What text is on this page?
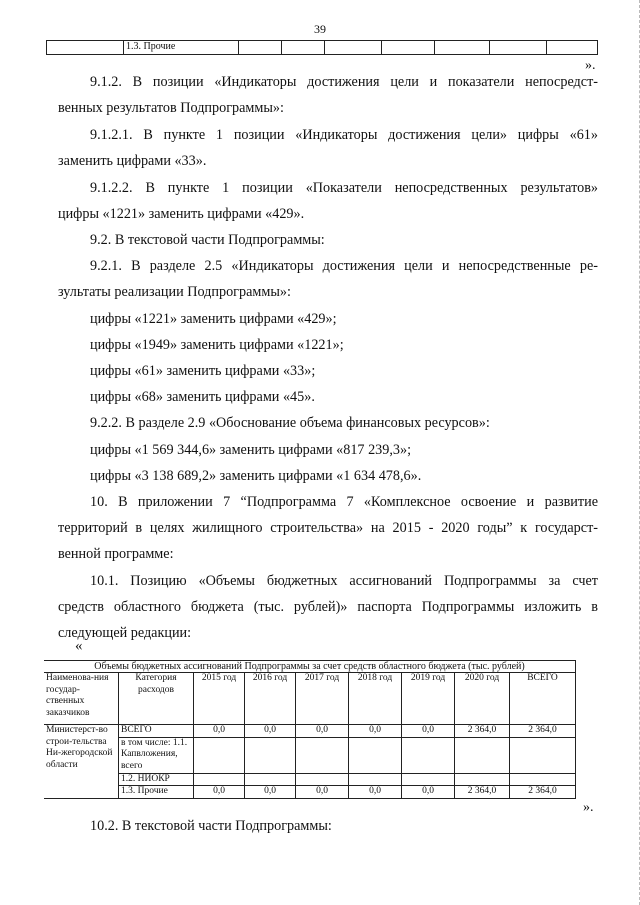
39
	1.3. Прочие							
».

9.1.2. В позиции «Индикаторы достижения цели и показатели непосредст-

венных результатов Подпрограммы»:

9.1.2.1. В пункте 1 позиции «Индикаторы достижения цели» цифры «61»

заменить цифрами «33».

9.1.2.2. В пункте 1 позиции «Показатели непосредственных результатов»

цифры «1221» заменить цифрами «429».

9.2. В текстовой части Подпрограммы:

9.2.1. В разделе 2.5 «Индикаторы достижения цели и непосредственные ре-

зультаты реализации Подпрограммы»:

цифры «1221» заменить цифрами «429»;

цифры «1949» заменить цифрами «1221»;

цифры «61» заменить цифрами «33»;

цифры «68» заменить цифрами «45».

9.2.2. В разделе 2.9 «Обоснование объема финансовых ресурсов»:

цифры «1 569 344,6» заменить цифрами «817 239,3»;

цифры «3 138 689,2» заменить цифрами «1 634 478,6».

10. В приложении 7 “Подпрограмма 7 «Комплексное освоение и развитие

территорий в целях жилищного строительства» на 2015 - 2020 годы” к государст-

венной программе:

10.1. Позицию «Объемы бюджетных ассигнований Подпрограммы за счет

средств областного бюджета (тыс. рублей)» паспорта Подпрограммы изложить в

следующей редакции:

«
Объемы бюджетных ассигнований Подпрограммы за счет средств областного бюджета (тыс. рублей)								
Наименова-ния государ-ственных заказчиков	Категория расходов	2015 год	2016 год	2017 год	2018 год	2019 год	2020 год	ВСЕГО
Министерст-во строи-тельства Ни-жегородской области	ВСЕГО	0,0	0,0	0,0	0,0	0,0	2 364,0	2 364,0
	в том числе: 1.1. Капвложения, всего							
	1.2. НИОКР							
	1.3. Прочие	0,0	0,0	0,0	0,0	0,0	2 364,0	2 364,0
».

10.2. В текстовой части Подпрограммы:
